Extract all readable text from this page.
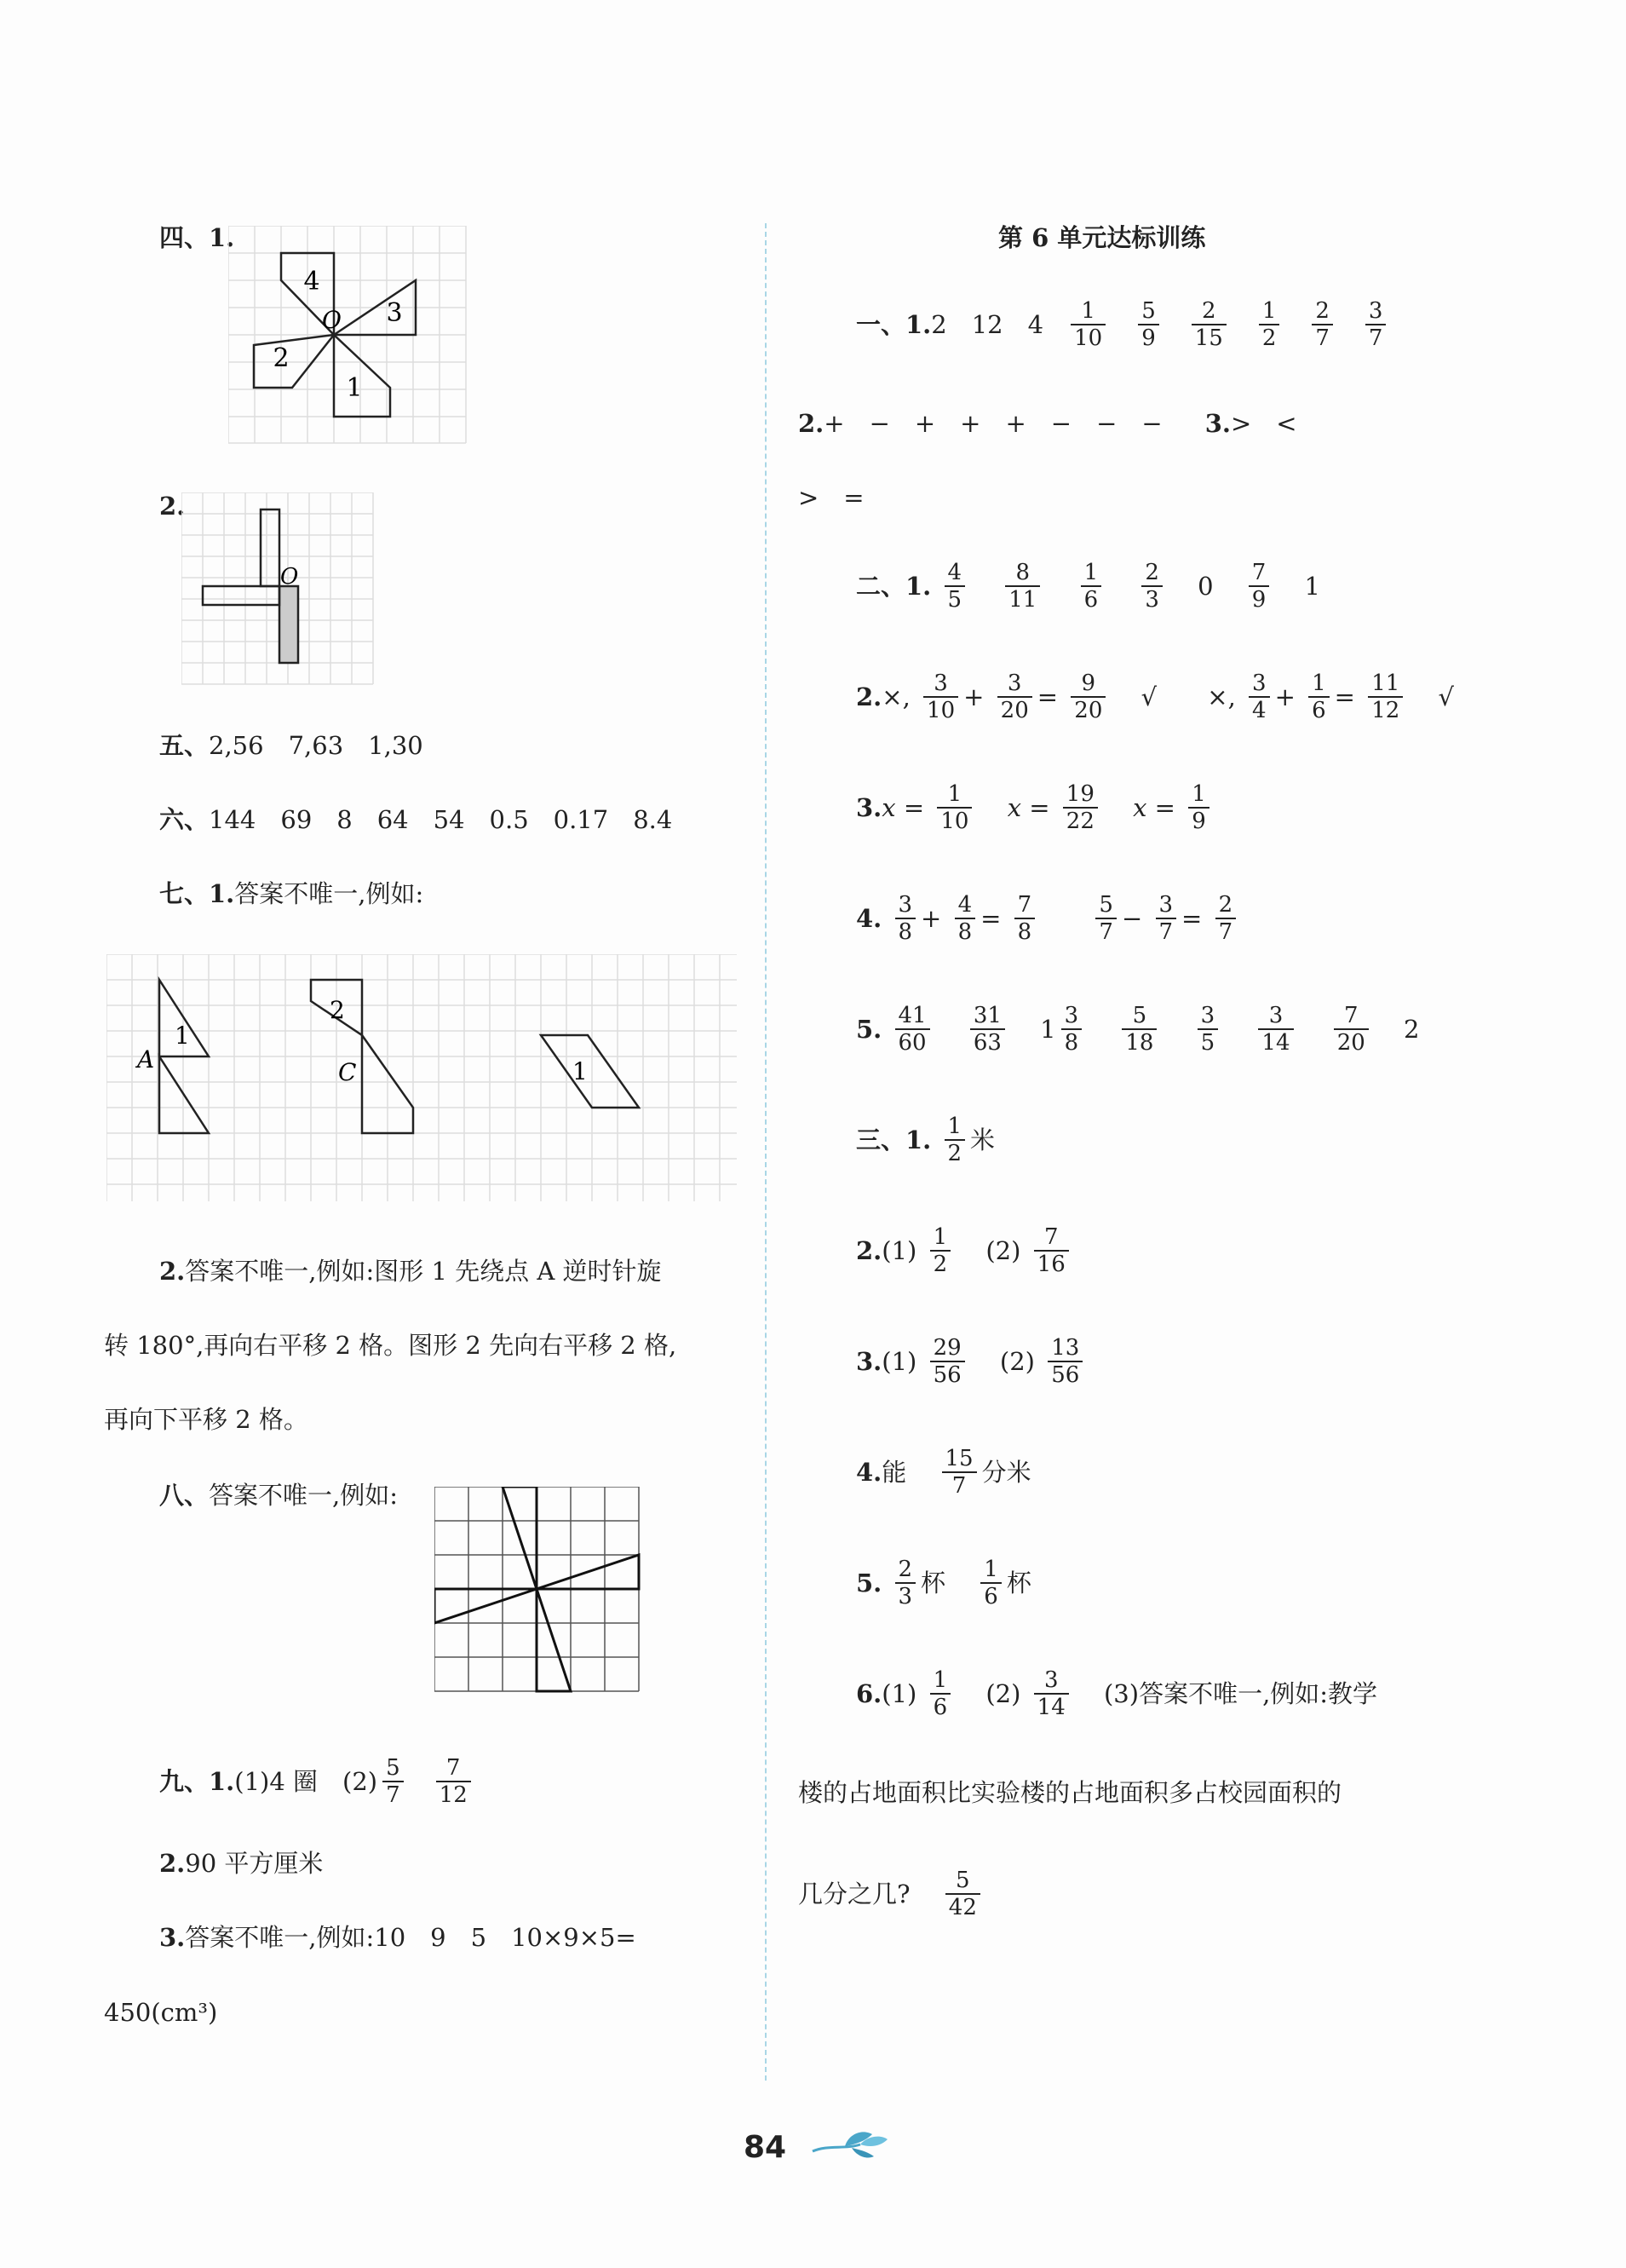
四、1.
4
3
2
1
O
2.
O
五、2,56　7,63　1,30
六、144　69　8　64　54　0.5　0.17　8.4
七、1.答案不唯一,例如:
1
A
2
C	1
2.答案不唯一,例如:图形 1 先绕点 A 逆时针旋
转 180°,再向右平移 2 格。图形 2 先向右平移 2 格,
再向下平移 2 格。
八、答案不唯一,例如:
九、1.(1)4 圈　$(2) \frac{5}{7} \frac{7}{12}$
2.90 平方厘米
3.答案不唯一,例如:10　9　5　10×9×5=
450(cm³)
第 6 单元达标训练
一、1.2　12　$4 \frac{1}{10} \frac{5}{9} \frac{2}{15} \frac{1}{2} \frac{2}{7} \frac{3}{7}$
2.+　−　+　+　+　−　−　− 3.>　<
>　=
二、1. $\frac{4}{5}$
$\frac{8}{11}$
$\frac{1}{6}$
$\frac{2}{3} 0 \frac{7}{9} 1$
2.×, $\frac{3}{10} + \frac{3}{20} = \frac{9}{20}$ √ ×, $\frac{3}{4} + \frac{1}{6} = \frac{11}{12}$ √
$3.x = \frac{1}{10}$ $x = \frac{19}{22}$ $x = \frac{1}{9}$
4. $\frac{3}{8} + \frac{4}{8} = \frac{7}{8}$
	$\frac{5}{7} - \frac{3}{7} = \frac{2}{7}$
5. $\frac{41}{60}$
$\frac{31}{63} 1 \frac{3}{8}$
$\frac{5}{18}$
$\frac{3}{5}$
$\frac{3}{14}$
$\frac{7}{20} 2$
三、1. $\frac{1}{2}$ 米
$2.(1) \frac{1}{2} (2) \frac{7}{16}$
$3.(1) \frac{29}{56} (2) \frac{13}{56}$
4.能 $\frac{15}{7}$ 分米
5. $\frac{2}{3}$ 杯 $\frac{1}{6}$ 杯
$6.(1) \frac{1}{6} (2) \frac{3}{14} (3)$答案不唯一,例如:教学
楼的占地面积比实验楼的占地面积多占校园面积的
几分之几? $\frac{5}{42}$
84
